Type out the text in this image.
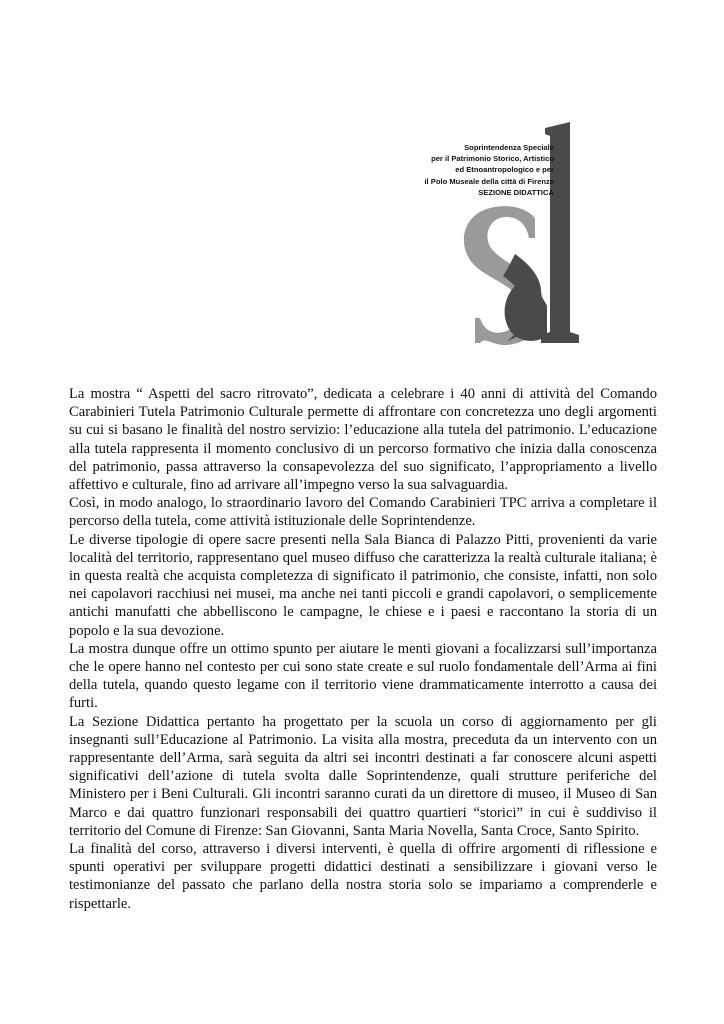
Soprintendenza Speciale
per il Patrimonio Storico, Artistico
ed Etnoantropologico e per
il Polo Museale della città di Firenze
SEZIONE DIDATTICA

La mostra “ Aspetti del sacro ritrovato”, dedicata a celebrare i 40 anni di attività del Comando Carabinieri Tutela Patrimonio Culturale permette di affrontare con concretezza uno degli argomenti su cui si basano le finalità del nostro servizio: l’educazione alla tutela del patrimonio. L’educazione alla tutela rappresenta il momento conclusivo di un percorso formativo che inizia dalla conoscenza del patrimonio, passa attraverso la consapevolezza del suo significato, l’appropriamento a livello affettivo e culturale, fino ad arrivare all’impegno verso la sua salvaguardia.

Così, in modo analogo, lo straordinario lavoro del Comando Carabinieri TPC arriva a completare il percorso della tutela, come attività istituzionale delle Soprintendenze.

Le diverse tipologie di opere sacre presenti nella Sala Bianca di Palazzo Pitti, provenienti da varie località del territorio, rappresentano quel museo diffuso che caratterizza la realtà culturale italiana; è in questa realtà che acquista completezza di significato il patrimonio, che consiste, infatti, non solo nei capolavori racchiusi nei musei, ma anche nei tanti piccoli e grandi capolavori, o semplicemente antichi manufatti che abbelliscono le campagne, le chiese e i paesi e raccontano la storia di un popolo e la sua devozione.

La mostra dunque offre un ottimo spunto per aiutare le menti giovani a focalizzarsi sull’importanza che le opere hanno nel contesto per cui sono state create e sul ruolo fondamentale dell’Arma ai fini della tutela, quando questo legame con il territorio viene drammaticamente interrotto a causa dei furti.

La Sezione Didattica pertanto ha progettato per la scuola un corso di aggiornamento per gli insegnanti sull’Educazione al Patrimonio. La visita alla mostra, preceduta da un intervento con un rappresentante dell’Arma, sarà seguita da altri sei incontri destinati a far conoscere alcuni aspetti significativi dell’azione di tutela svolta dalle Soprintendenze, quali strutture periferiche del Ministero per i Beni Culturali. Gli incontri saranno curati da un direttore di museo, il Museo di San Marco e dai quattro funzionari responsabili dei quattro quartieri “storici” in cui è suddiviso il territorio del Comune di Firenze: San Giovanni, Santa Maria Novella, Santa Croce, Santo Spirito.

La finalità del corso, attraverso i diversi interventi, è quella di offrire argomenti di riflessione e spunti operativi per sviluppare progetti didattici destinati a sensibilizzare i giovani verso le testimonianze del passato che parlano della nostra storia solo se impariamo a comprenderle e rispettarle.
